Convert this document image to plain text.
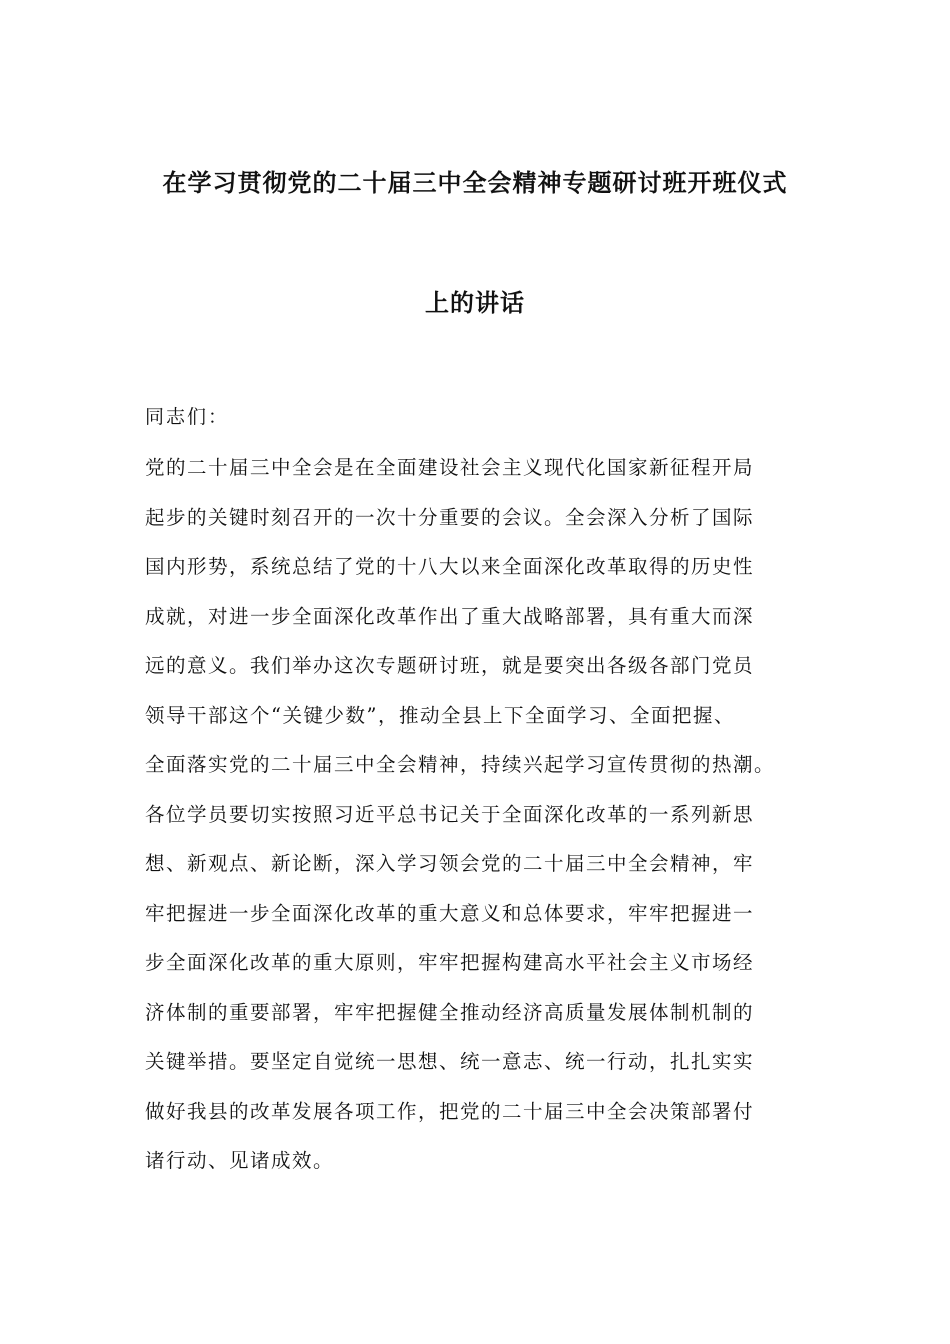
在学习贯彻党的二十届三中全会精神专题研讨班开班仪式
上的讲话
同志们：
党的二十届三中全会是在全面建设社会主义现代化国家新征程开局
起步的关键时刻召开的一次十分重要的会议。全会深入分析了国际
国内形势，系统总结了党的十八大以来全面深化改革取得的历史性
成就，对进一步全面深化改革作出了重大战略部署，具有重大而深
远的意义。我们举办这次专题研讨班，就是要突出各级各部门党员
领导干部这个“关键少数”，推动全县上下全面学习、全面把握、
全面落实党的二十届三中全会精神，持续兴起学习宣传贯彻的热潮。
各位学员要切实按照习近平总书记关于全面深化改革的一系列新思
想、新观点、新论断，深入学习领会党的二十届三中全会精神，牢
牢把握进一步全面深化改革的重大意义和总体要求，牢牢把握进一
步全面深化改革的重大原则，牢牢把握构建高水平社会主义市场经
济体制的重要部署，牢牢把握健全推动经济高质量发展体制机制的
关键举措。要坚定自觉统一思想、统一意志、统一行动，扎扎实实
做好我县的改革发展各项工作，把党的二十届三中全会决策部署付
诸行动、见诸成效。
